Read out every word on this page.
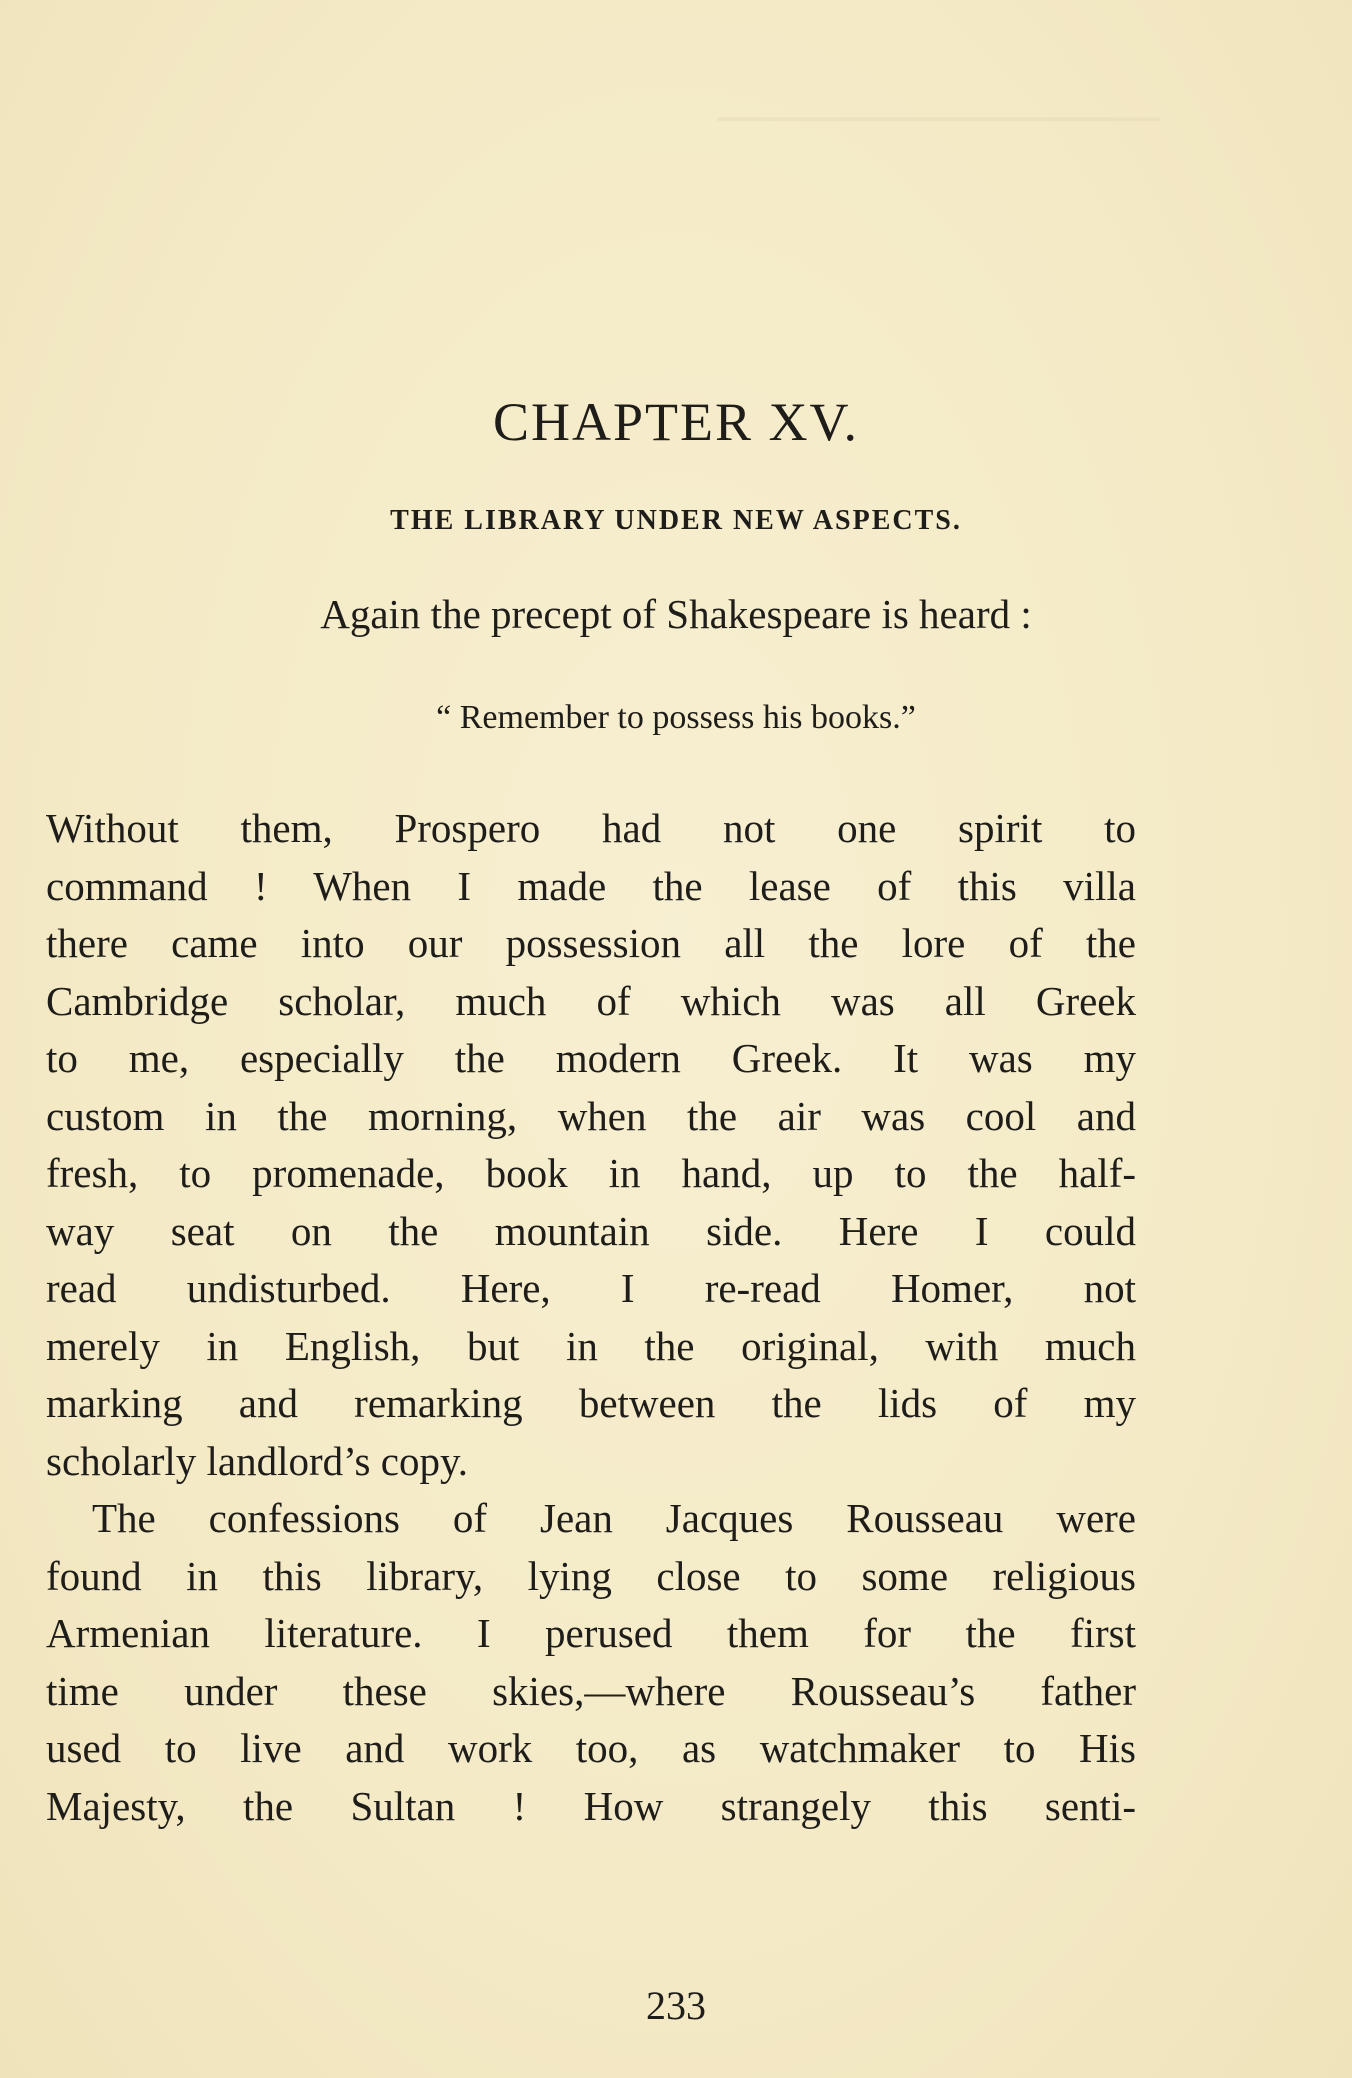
────────────
CHAPTER XV.
THE LIBRARY UNDER NEW ASPECTS.

Again the precept of Shakespeare is heard :

“ Remember to possess his books.”

Without them, Prospero had not one spirit to
command ! When I made the lease of this villa
there came into our possession all the lore of the
Cambridge scholar, much of which was all Greek
to me, especially the modern Greek. It was my
custom in the morning, when the air was cool and
fresh, to promenade, book in hand, up to the half-
way seat on the mountain side. Here I could
read undisturbed. Here, I re-read Homer, not
merely in English, but in the original, with much
marking and remarking between the lids of my
scholarly landlord’s copy.
The confessions of Jean Jacques Rousseau were
found in this library, lying close to some religious
Armenian literature. I perused them for the first
time under these skies,—where Rousseau’s father
used to live and work too, as watchmaker to His
Majesty, the Sultan ! How strangely this senti-

233
